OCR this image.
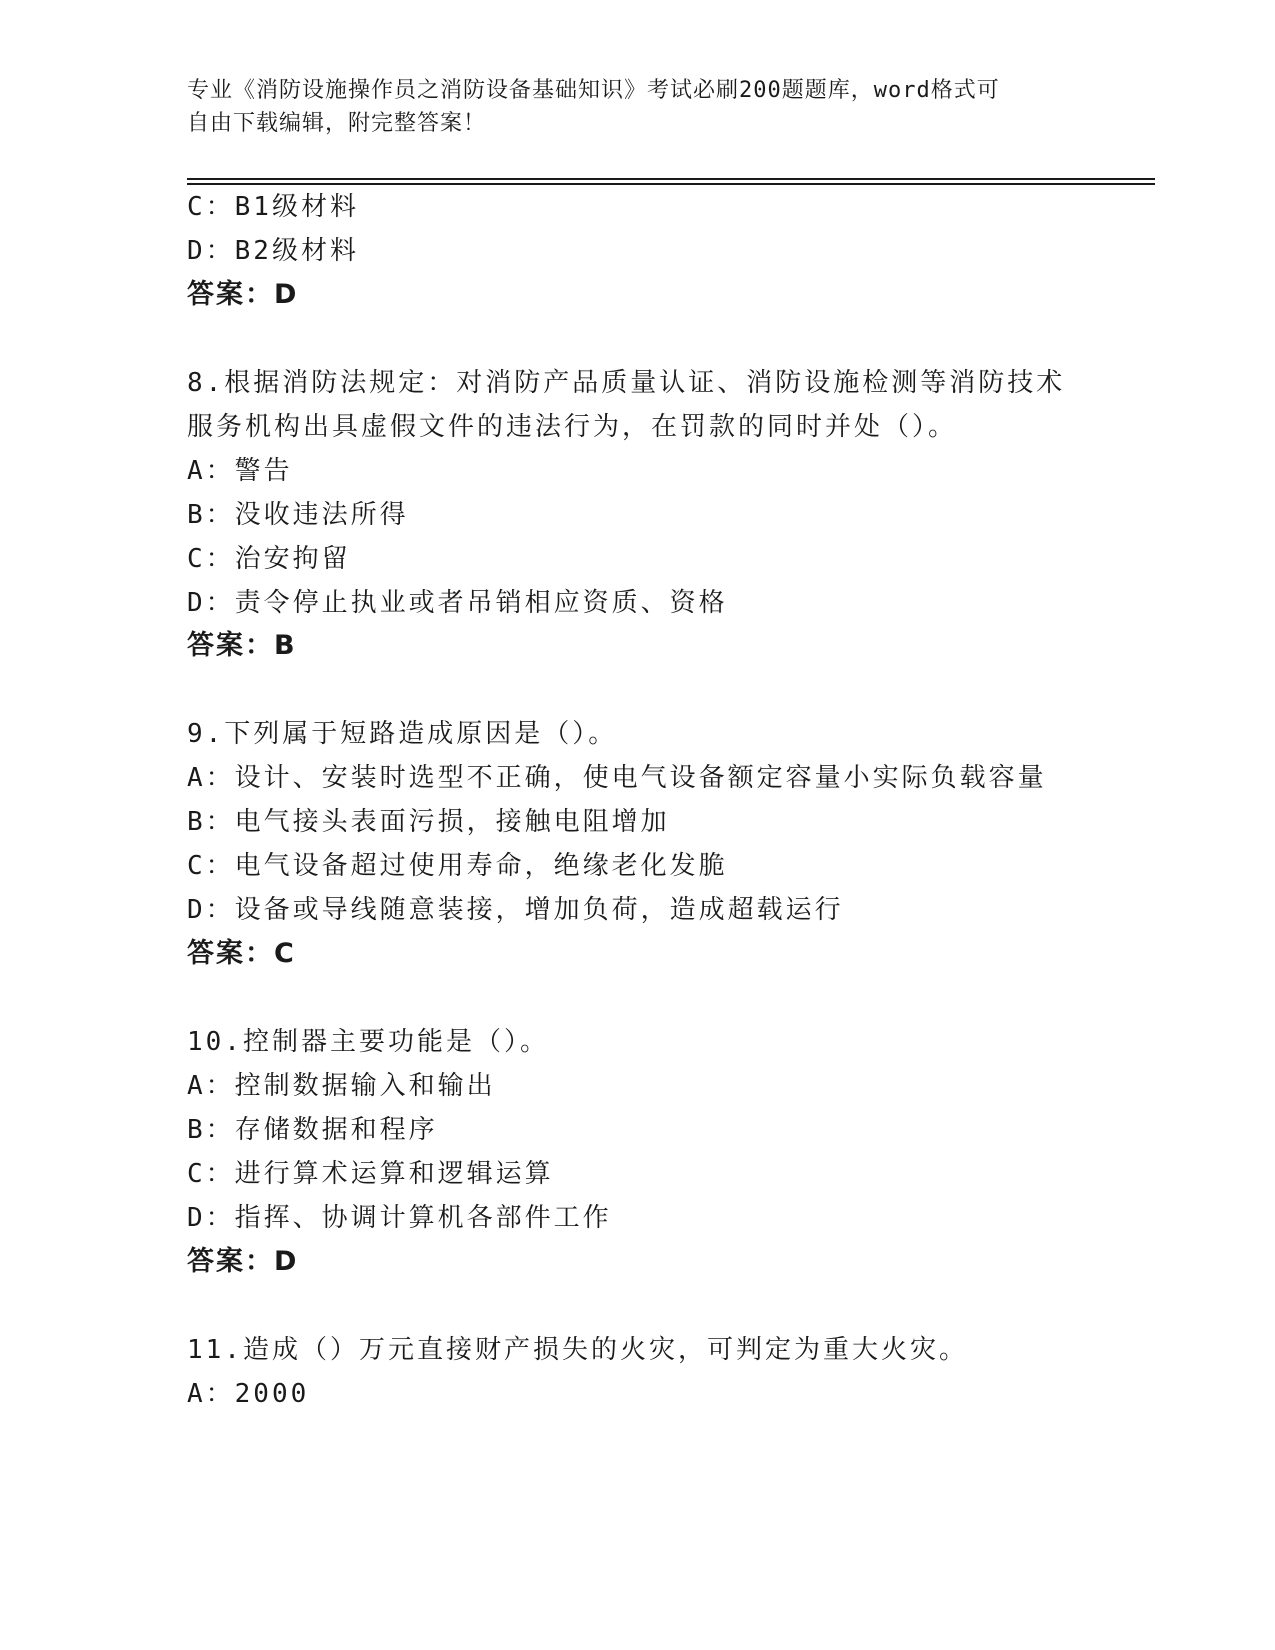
专业《消防设施操作员之消防设备基础知识》考试必刷200题题库，word格式可
自由下载编辑，附完整答案！
C：B1级材料
D：B2级材料
答案：D
8.根据消防法规定：对消防产品质量认证、消防设施检测等消防技术
服务机构出具虚假文件的违法行为，在罚款的同时并处（）。
A：警告
B：没收违法所得
C：治安拘留
D：责令停止执业或者吊销相应资质、资格
答案：B
9.下列属于短路造成原因是（）。
A：设计、安装时选型不正确，使电气设备额定容量小实际负载容量
B：电气接头表面污损，接触电阻增加
C：电气设备超过使用寿命，绝缘老化发脆
D：设备或导线随意装接，增加负荷，造成超载运行
答案：C
10.控制器主要功能是（）。
A：控制数据输入和输出
B：存储数据和程序
C：进行算术运算和逻辑运算
D：指挥、协调计算机各部件工作
答案：D
11.造成（）万元直接财产损失的火灾，可判定为重大火灾。
A：2000
